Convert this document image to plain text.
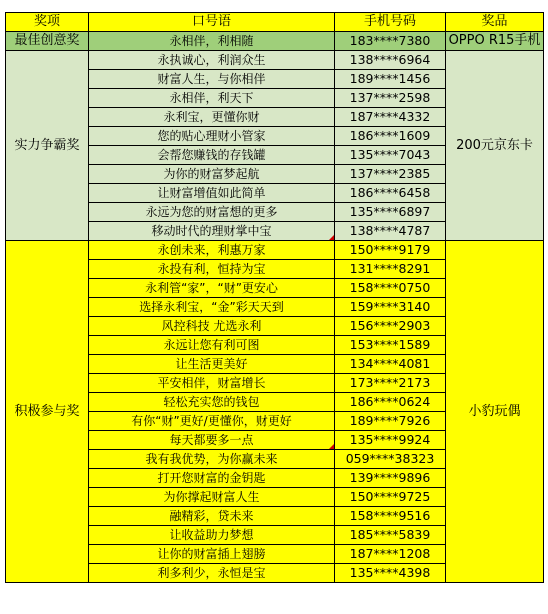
奖项	口号语	手机号码	奖品
最佳创意奖	永相伴，利相随	183****7380	OPPO R15手机
实力争霸奖	永执诚心，利润众生	138****6964	200元京东卡
	财富人生，与你相伴	189****1456	
	永相伴，利天下	137****2598	
	永利宝，更懂你财	187****4332	
	您的贴心理财小管家	186****1609	
	会帮您赚钱的存钱罐	135****7043	
	为你的财富梦起航	137****2385	
	让财富增值如此简单	186****6458	
	永远为您的财富想的更多	135****6897	
	移动时代的理财掌中宝	138****4787	
积极参与奖	永创未来，利惠万家	150****9179	小豹玩偶
	永投有利，恒持为宝	131****8291	
	永利管“家”，“财”更安心	158****0750	
	选择永利宝，“金”彩天天到	159****3140	
	风控科技 尤选永利	156****2903	
	永远让您有利可图	153****1589	
	让生活更美好	134****4081	
	平安相伴，财富增长	173****2173	
	轻松充实您的钱包	186****0624	
	有你“财”更好/更懂你，财更好	189****7926	
	每天都要多一点	135****9924	
	我有我优势，为你赢未来	059****38323	
	打开您财富的金钥匙	139****9896	
	为你撑起财富人生	150****9725	
	融精彩，贷未来	158****9516	
	让收益助力梦想	185****5839	
	让你的财富插上翅膀	187****1208	
	利多利少，永恒是宝	135****4398	
